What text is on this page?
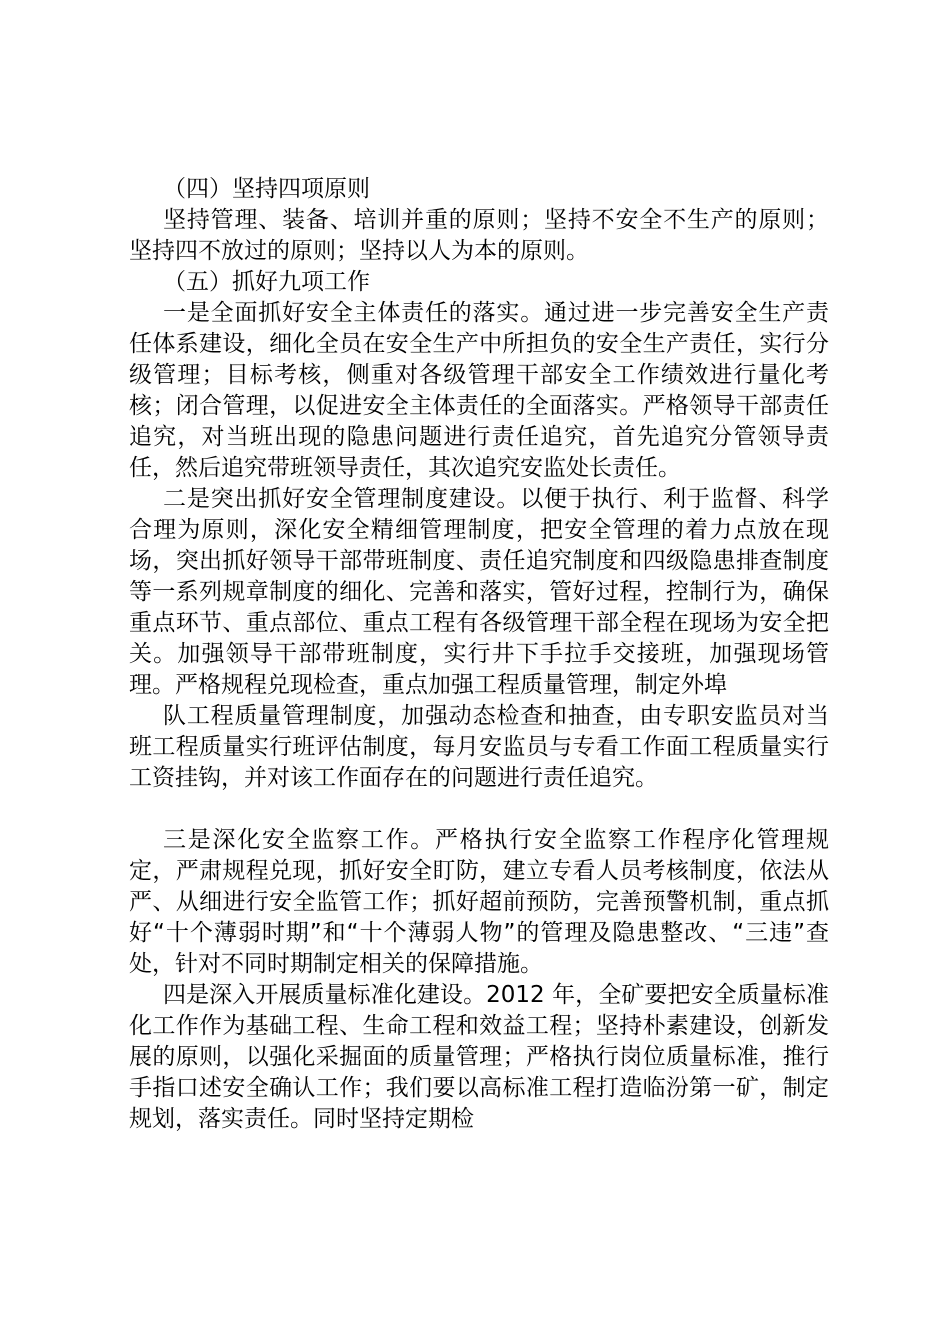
（四）坚持四项原则

坚持管理、装备、培训并重的原则；坚持不安全不生产的原则；坚持四不放过的原则；坚持以人为本的原则。

（五）抓好九项工作

一是全面抓好安全主体责任的落实。通过进一步完善安全生产责任体系建设，细化全员在安全生产中所担负的安全生产责任，实行分级管理；目标考核，侧重对各级管理干部安全工作绩效进行量化考核；闭合管理，以促进安全主体责任的全面落实。严格领导干部责任追究，对当班出现的隐患问题进行责任追究，首先追究分管领导责任，然后追究带班领导责任，其次追究安监处长责任。

二是突出抓好安全管理制度建设。以便于执行、利于监督、科学合理为原则，深化安全精细管理制度，把安全管理的着力点放在现场，突出抓好领导干部带班制度、责任追究制度和四级隐患排查制度等一系列规章制度的细化、完善和落实，管好过程，控制行为，确保重点环节、重点部位、重点工程有各级管理干部全程在现场为安全把关。加强领导干部带班制度，实行井下手拉手交接班，加强现场管理。严格规程兑现检查，重点加强工程质量管理，制定外埠

队工程质量管理制度，加强动态检查和抽查，由专职安监员对当班工程质量实行班评估制度，每月安监员与专看工作面工程质量实行工资挂钩，并对该工作面存在的问题进行责任追究。

三是深化安全监察工作。严格执行安全监察工作程序化管理规定，严肃规程兑现，抓好安全盯防，建立专看人员考核制度，依法从严、从细进行安全监管工作；抓好超前预防，完善预警机制，重点抓好“十个薄弱时期”和“十个薄弱人物”的管理及隐患整改、“三违”查处，针对不同时期制定相关的保障措施。

四是深入开展质量标准化建设。2012 年，全矿要把安全质量标准化工作作为基础工程、生命工程和效益工程；坚持朴素建设，创新发展的原则，以强化采掘面的质量管理；严格执行岗位质量标准，推行手指口述安全确认工作；我们要以高标准工程打造临汾第一矿，制定规划，落实责任。同时坚持定期检
